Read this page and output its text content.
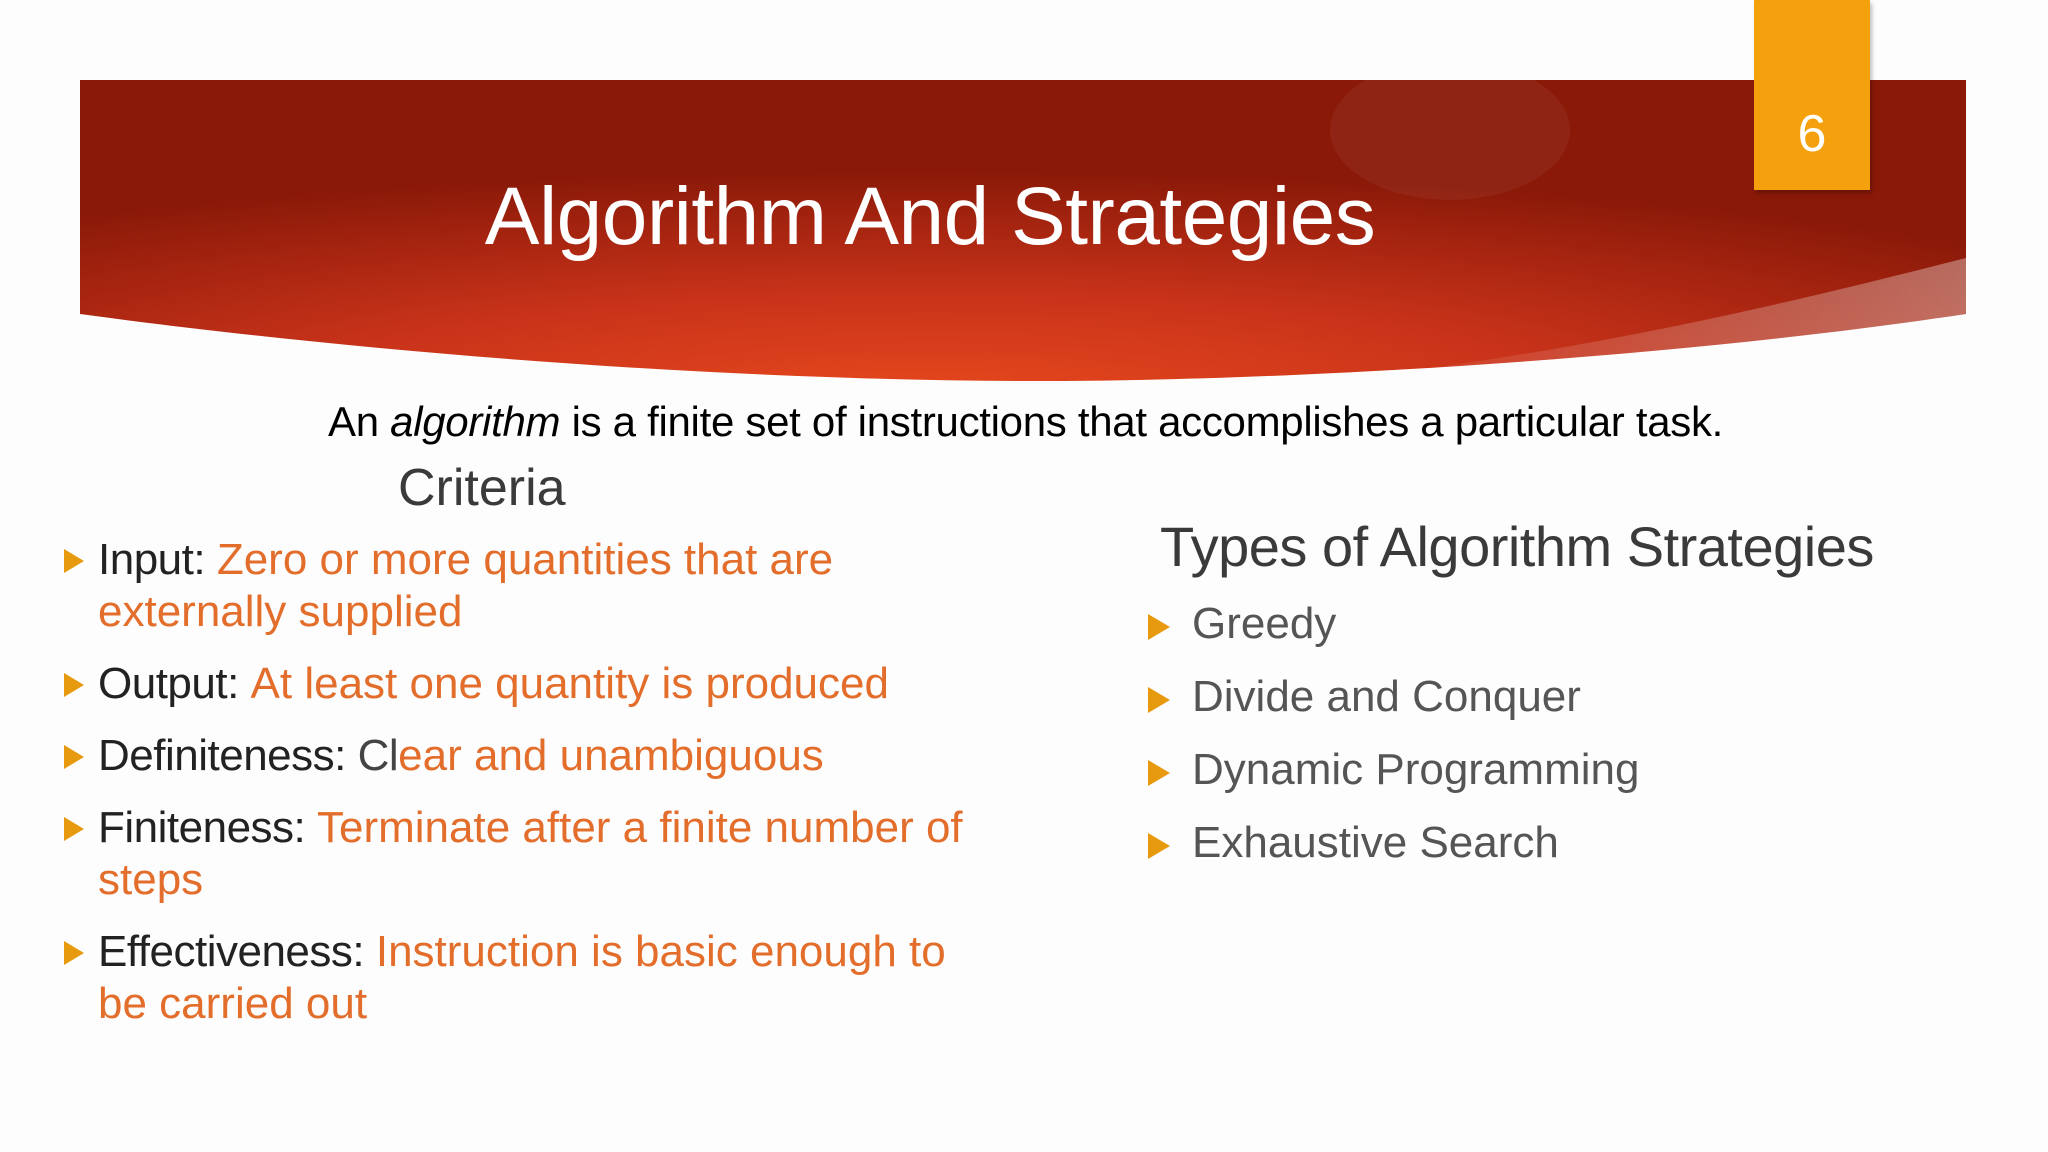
Algorithm And Strategies
6
An algorithm is a finite set of instructions that accomplishes a particular task.
Criteria
Input: Zero or more quantities that are externally supplied
Output: At least one quantity is produced
Definiteness: Clear and unambiguous
Finiteness: Terminate after a finite number of steps
Effectiveness: Instruction is basic enough to be carried out
Types of Algorithm Strategies
Greedy
Divide and Conquer
Dynamic Programming
Exhaustive Search
